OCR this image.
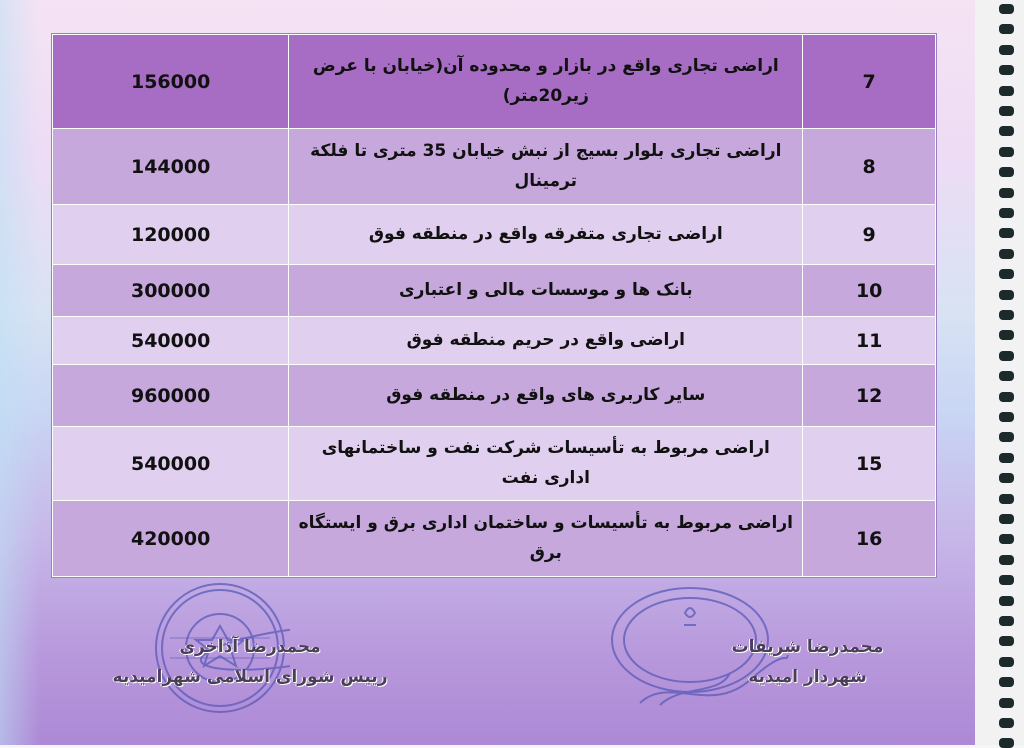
156000	اراضی تجاری واقع در بازار و محدوده آن(خیابان با عرض زیر20متر)	7
144000	اراضی تجاری بلوار بسیج از نبش خیابان 35 متری تا فلکة ترمینال	8
120000	اراضی تجاری متفرقه واقع در منطقه فوق	9
300000	بانک ها و موسسات مالی و اعتباری	10
540000	اراضی واقع در حریم منطقه فوق	11
960000	سایر کاربری های واقع در منطقه فوق	12
540000	اراضی مربوط به تأسیسات شرکت نفت و ساختمانهای اداری نفت	15
420000	اراضی مربوط به تأسیسات و ساختمان اداری برق و ایستگاه برق	16
محمدرضا آذاخری
رییس شورای اسلامی شهرامیدیه
محمدرضا شریفات
شهردار امیدیه
